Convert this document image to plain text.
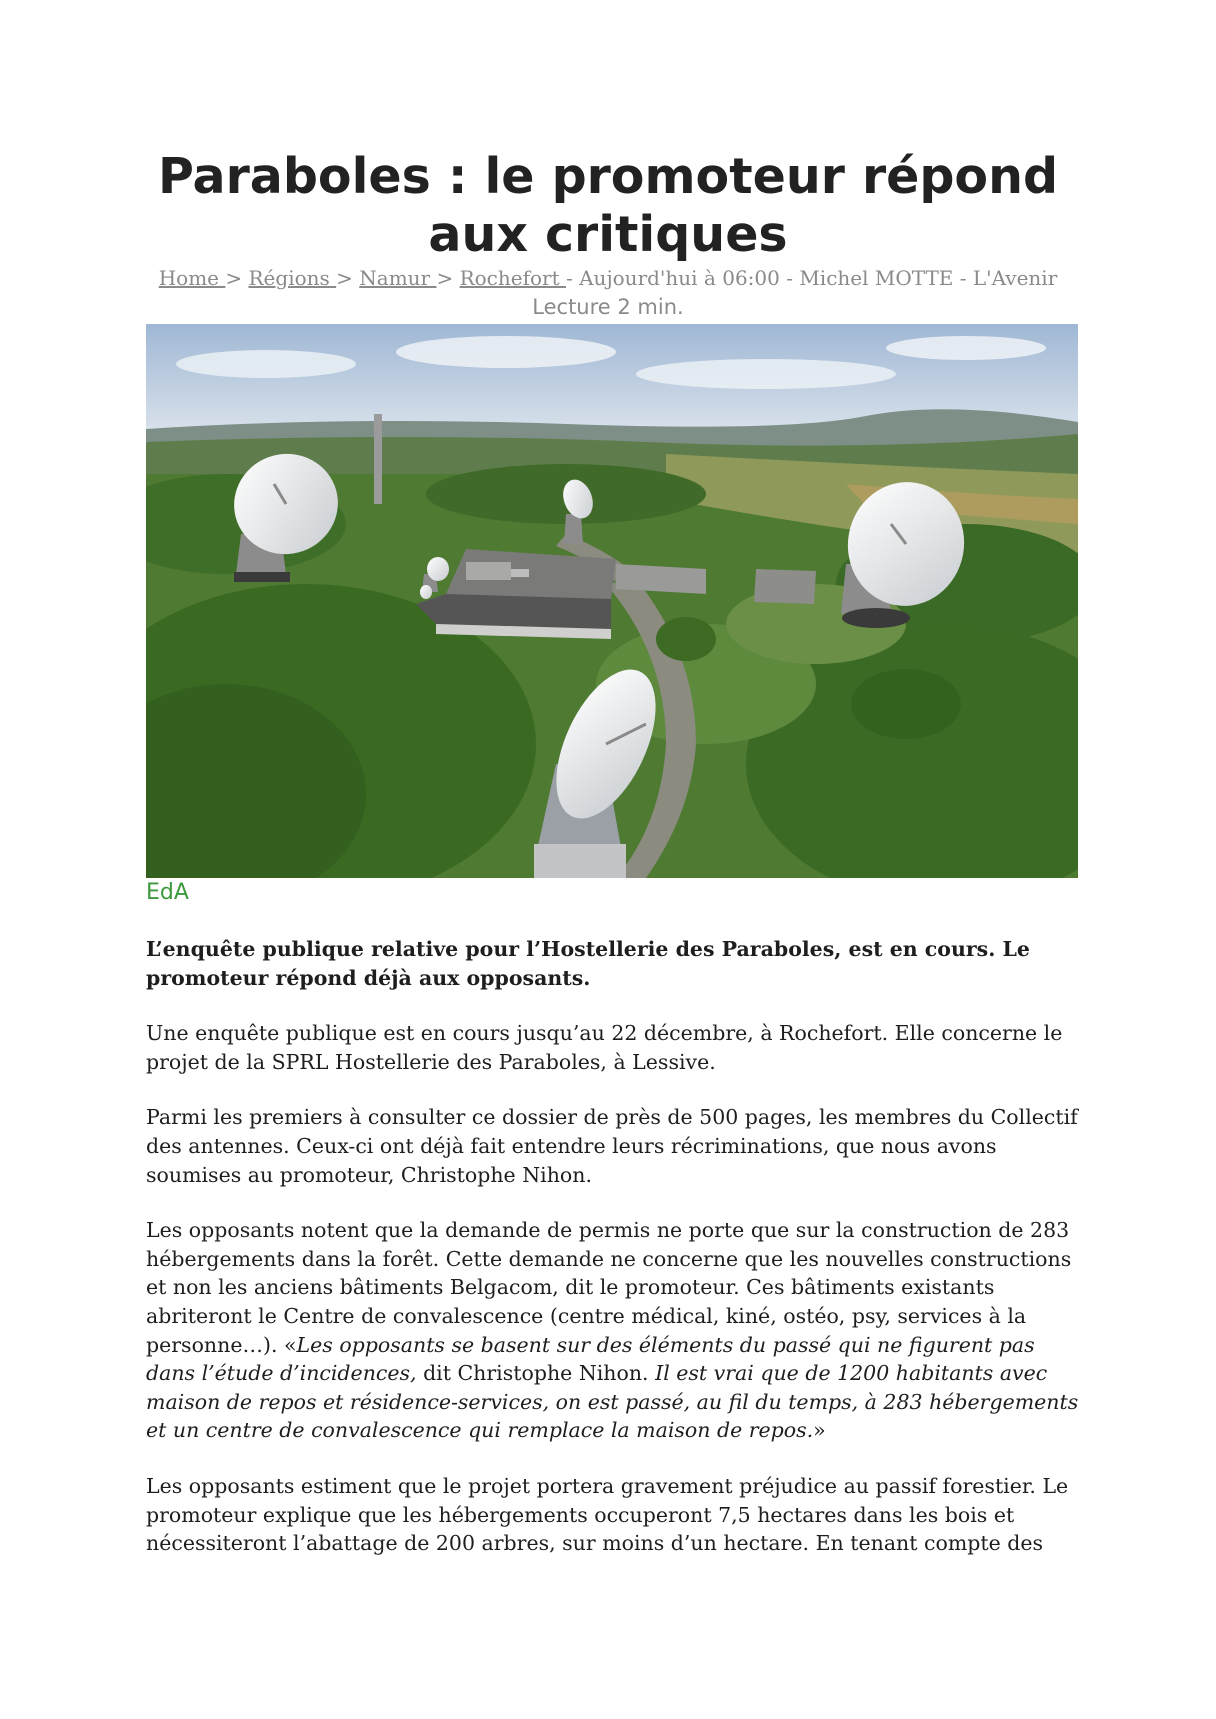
Paraboles : le promoteur répond
aux critiques
Home > Régions > Namur > Rochefort - Aujourd'hui à 06:00 - Michel MOTTE - L'Avenir
Lecture 2 min.
EdA

L’enquête publique relative pour l’Hostellerie des Paraboles, est en cours. Le promoteur répond déjà aux opposants.

Une enquête publique est en cours jusqu’au 22 décembre, à Rochefort. Elle concerne le projet de la SPRL Hostellerie des Paraboles, à Lessive.

Parmi les premiers à consulter ce dossier de près de 500 pages, les membres du Collectif des antennes. Ceux-ci ont déjà fait entendre leurs récriminations, que nous avons soumises au promoteur, Christophe Nihon.

Les opposants notent que la demande de permis ne porte que sur la construction de 283 hébergements dans la forêt. Cette demande ne concerne que les nouvelles constructions et non les anciens bâtiments Belgacom, dit le promoteur. Ces bâtiments existants abriteront le Centre de convalescence (centre médical, kiné, ostéo, psy, services à la personne…). «Les opposants se basent sur des éléments du passé qui ne figurent pas dans l’étude d’incidences, dit Christophe Nihon. Il est vrai que de 1200 habitants avec maison de repos et résidence-services, on est passé, au fil du temps, à 283 hébergements et un centre de convalescence qui remplace la maison de repos.»

Les opposants estiment que le projet portera gravement préjudice au passif forestier. Le promoteur explique que les hébergements occuperont 7,5 hectares dans les bois et nécessiteront l’abattage de 200 arbres, sur moins d’un hectare. En tenant compte des
